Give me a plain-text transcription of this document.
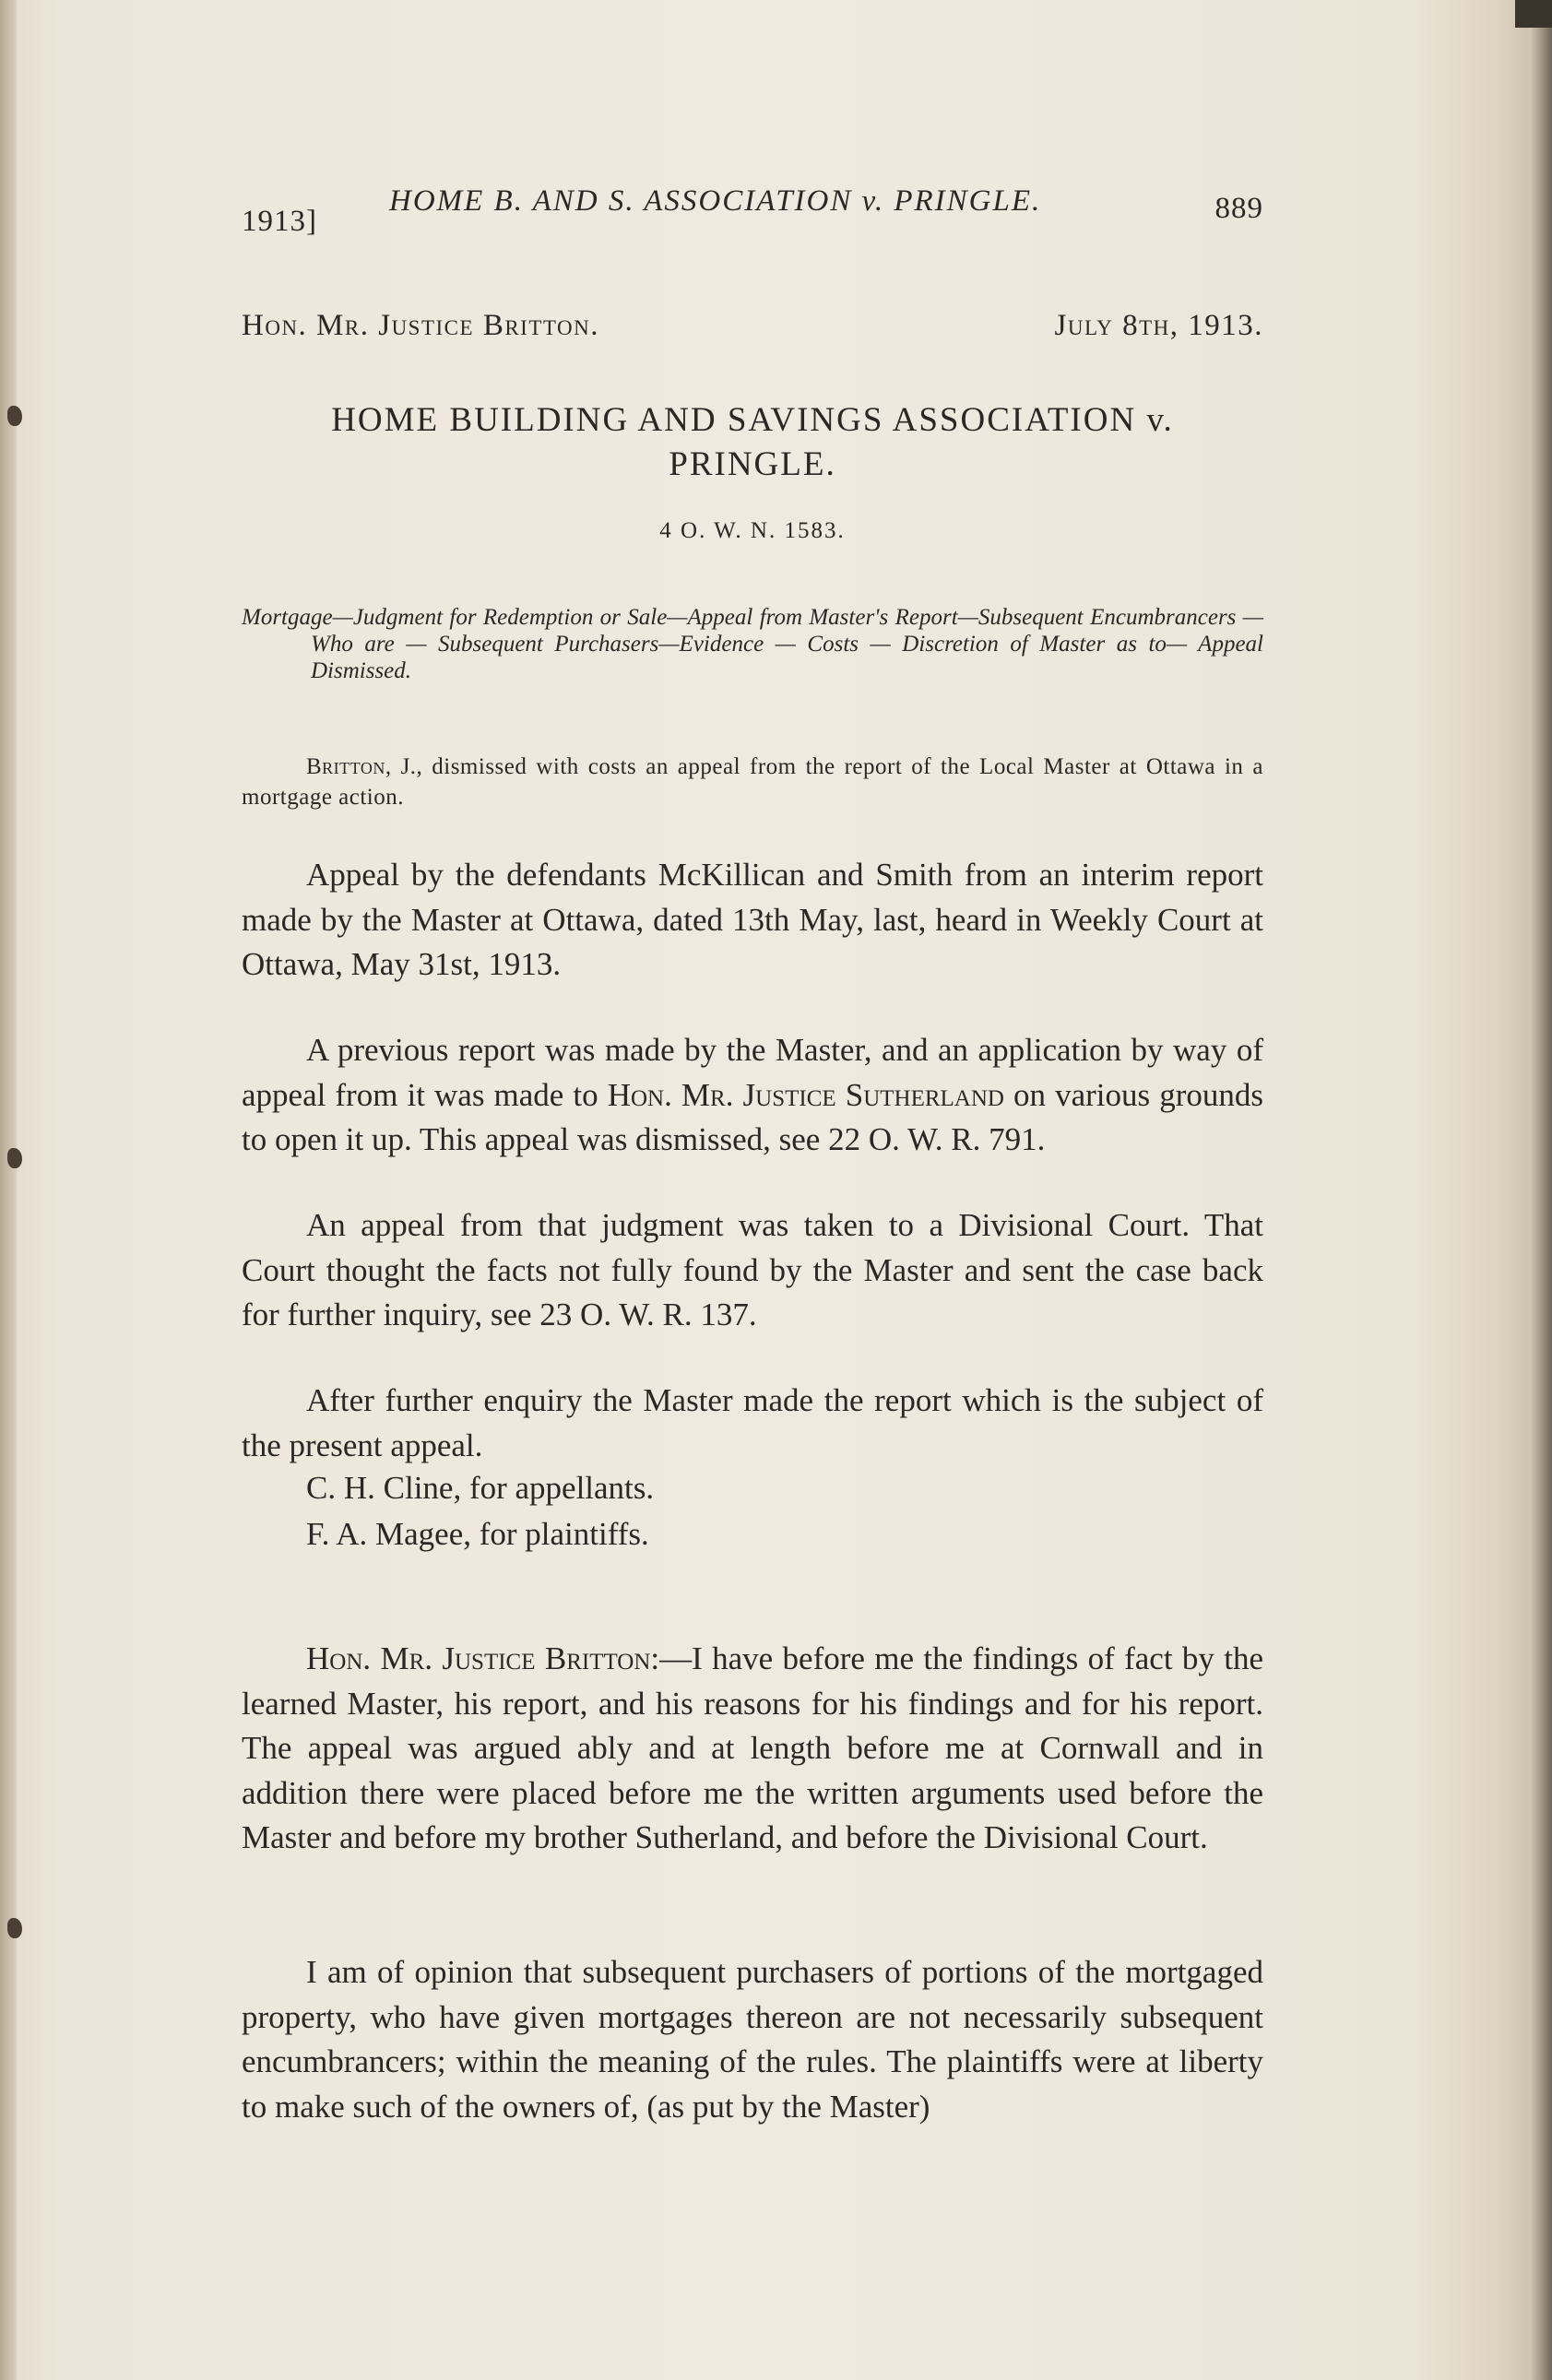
1913]
HOME B. AND S. ASSOCIATION v. PRINGLE.	889
Hon. Mr. Justice Britton.	July 8th, 1913.
HOME BUILDING AND SAVINGS ASSOCIATION v.
PRINGLE.
4 O. W. N. 1583.
Mortgage—Judgment for Redemption or Sale—Appeal from Master's Report—Subsequent Encumbrancers — Who are — Subsequent Purchasers—Evidence — Costs — Discretion of Master as to— Appeal Dismissed.
Britton, J., dismissed with costs an appeal from the report of the Local Master at Ottawa in a mortgage action.

Appeal by the defendants McKillican and Smith from an interim report made by the Master at Ottawa, dated 13th May, last, heard in Weekly Court at Ottawa, May 31st, 1913.

A previous report was made by the Master, and an application by way of appeal from it was made to Hon. Mr. Justice Sutherland on various grounds to open it up. This appeal was dismissed, see 22 O. W. R. 791.

An appeal from that judgment was taken to a Divisional Court. That Court thought the facts not fully found by the Master and sent the case back for further inquiry, see 23 O. W. R. 137.

After further enquiry the Master made the report which is the subject of the present appeal.

C. H. Cline, for appellants.

F. A. Magee, for plaintiffs.

Hon. Mr. Justice Britton:—I have before me the findings of fact by the learned Master, his report, and his reasons for his findings and for his report. The appeal was argued ably and at length before me at Cornwall and in addition there were placed before me the written arguments used before the Master and before my brother Sutherland, and before the Divisional Court.

I am of opinion that subsequent purchasers of portions of the mortgaged property, who have given mortgages thereon are not necessarily subsequent encumbrancers; within the meaning of the rules. The plaintiffs were at liberty to make such of the owners of, (as put by the Master)
